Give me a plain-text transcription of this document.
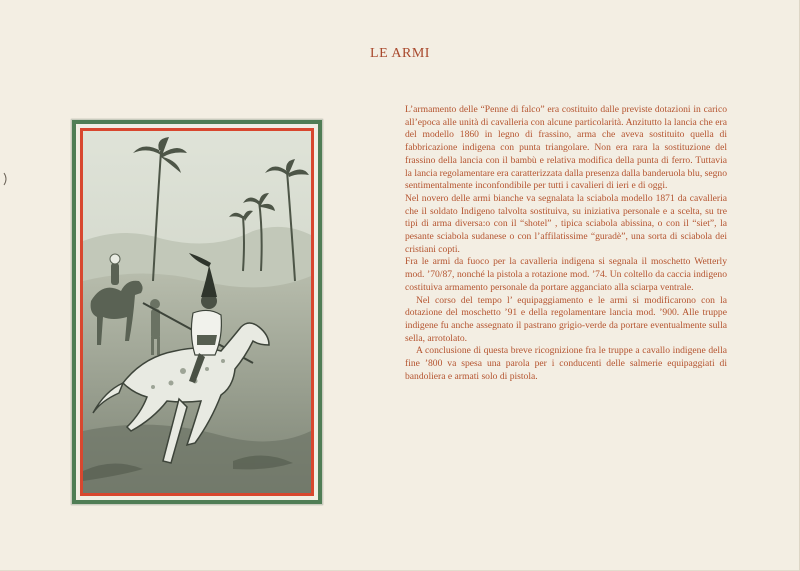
LE ARMI

L’armamento delle “Penne di falco” era costituito dalle previste dotazioni in carico all’epoca alle unità di cavalleria con alcune particolarità. Anzitutto la lancia che era del modello 1860 in legno di frassino, arma che aveva sostituito quella di fabbricazione indigena con punta triangolare. Non era rara la sostituzione del frassino della lancia con il bambù e relativa modifica della punta di ferro. Tuttavia la lancia regolamentare era caratterizzata dalla presenza dalla banderuola blu, segno sentimentalmente inconfondibile per tutti i cavalieri di ieri e di oggi.

Nel novero delle armi bianche va segnalata la sciabola modello 1871 da cavalleria che il soldato Indigeno talvolta sostituiva, su iniziativa personale e a scelta, su tre tipi di arma diversa:o con il “shotel” , tipica sciabola abissina, o con il “siet”, la pesante sciabola sudanese o con l’affilatissime “guradè”, una sorta di sciabola dei cristiani copti.

Fra le armi da fuoco per la cavalleria indigena si segnala il moschetto Wetterly mod. ’70/87, nonché la pistola a rotazione mod. ’74. Un coltello da caccia indigeno costituiva armamento personale da portare agganciato alla sciarpa ventrale.

Nel corso del tempo l’ equipaggiamento e le armi si modificarono con la dotazione del moschetto ’91 e della regolamentare lancia mod. ’900. Alle truppe indigene fu anche assegnato il pastrano grigio-verde da portare eventualmente sulla sella, arrotolato.

A conclusione di questa breve ricognizione fra le truppe a cavallo indigene della fine ’800 va spesa una parola per i conducenti delle salmerie equipaggiati di bandoliera e armati solo di pistola.
